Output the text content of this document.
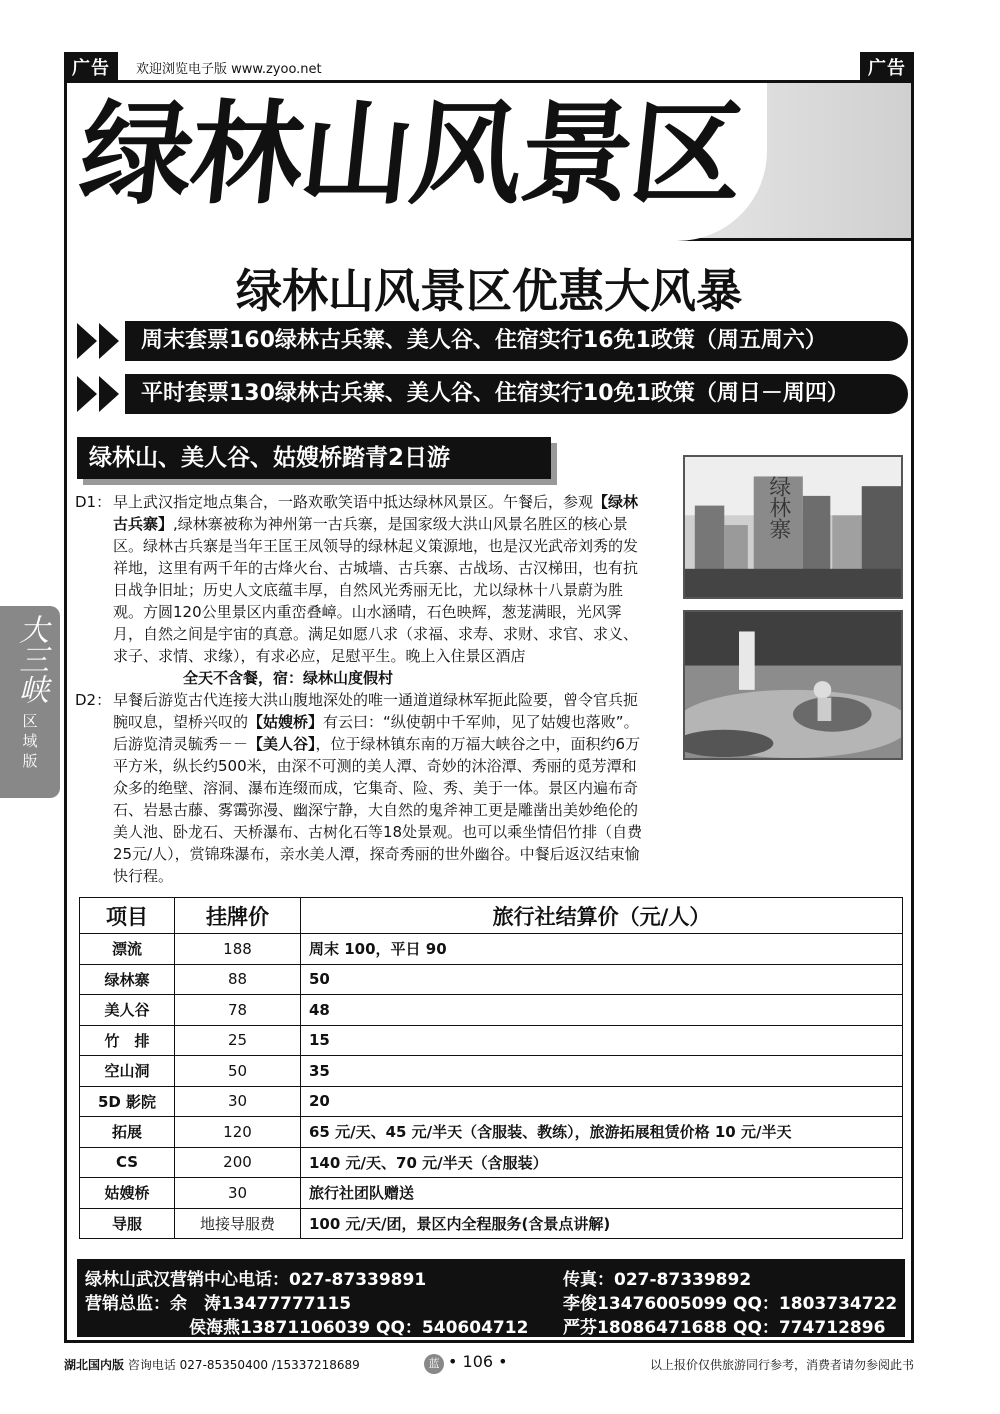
广告	欢迎浏览电子版 www.zyoo.net	广告
绿林山风景区
绿林山风景区优惠大风暴
周末套票160绿林古兵寨、美人谷、住宿实行16免1政策（周五周六）
平时套票130绿林古兵寨、美人谷、住宿实行10免1政策（周日－周四）
绿林山、美人谷、姑嫂桥踏青2日游
绿林寨
D1： 早上武汉指定地点集合，一路欢歌笑语中抵达绿林风景区。午餐后，参观【绿林古兵寨】,绿林寨被称为神州第一古兵寨，是国家级大洪山风景名胜区的核心景区。绿林古兵寨是当年王匡王凤领导的绿林起义策源地，也是汉光武帝刘秀的发祥地，这里有两千年的古烽火台、古城墙、古兵寨、古战场、古汉梯田，也有抗日战争旧址；历史人文底蕴丰厚，自然风光秀丽无比，尤以绿林十八景蔚为胜观。方圆120公里景区内重峦叠嶂。山水涵晴，石色映辉，葱茏满眼，光风霁月，自然之间是宇宙的真意。满足如愿八求（求福、求寿、求财、求官、求义、求子、求情、求缘），有求必应，足慰平生。晚上入住景区酒店全天不含餐，宿：绿林山度假村
D2： 早餐后游览古代连接大洪山腹地深处的唯一通道道绿林军扼此险要，曾令官兵扼腕叹息，望桥兴叹的【姑嫂桥】有云曰：“纵使朝中千军帅，见了姑嫂也落败”。后游览清灵毓秀－－【美人谷】，位于绿林镇东南的万福大峡谷之中，面积约6万平方米，纵长约500米，由深不可测的美人潭、奇妙的沐浴潭、秀丽的觅芳潭和众多的绝壁、溶洞、瀑布连缀而成，它集奇、险、秀、美于一体。景区内遍布奇石、岩悬古藤、雾霭弥漫、幽深宁静，大自然的鬼斧神工更是雕凿出美妙绝伦的美人池、卧龙石、天桥瀑布、古树化石等18处景观。也可以乘坐情侣竹排（自费25元/人），赏锦珠瀑布，亲水美人潭，探奇秀丽的世外幽谷。中餐后返汉结束愉快行程。
项目	挂牌价	旅行社结算价（元/人）
漂流	188	周末 100，平日 90
绿林寨	88	50
美人谷	78	48
竹　排	25	15
空山洞	50	35
5D 影院	30	20
拓展	120	65 元/天、45 元/半天（含服装、教练），旅游拓展租赁价格 10 元/半天
CS	200	140 元/天、70 元/半天（含服装）
姑嫂桥	30	旅行社团队赠送
导服	地接导服费	100 元/天/团，景区内全程服务(含景点讲解)
绿林山武汉营销中心电话：027-87339891	传真：027-87339892
营销总监：余　涛13477777115	李俊13476005099 QQ：1803734722
侯海燕13871106039 QQ：540604712 严芬18086471688 QQ：774712896
大三峡
区
域
版
湖北国内版 咨询电话 027-85350400 /15337218689	蓝 • 106 •	以上报价仅供旅游同行参考，消费者请勿参阅此书
